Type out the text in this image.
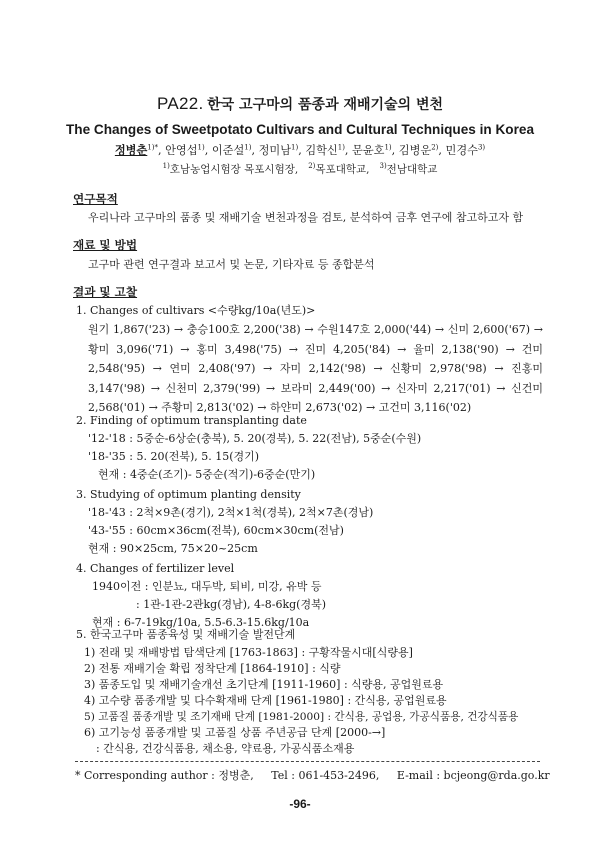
PA22. 한국 고구마의 품종과 재배기술의 변천
The Changes of Sweetpotato Cultivars and Cultural Techniques in Korea
정병춘$^{1)*}$, 안영섭$^{1)}$, 이준설$^{1)}$, 정미남$^{1)}$, 김학신$^{1)}$, 문윤호$^{1)}$, 김병운$^{2)}$, 민경수$^{3)}$
$^{1)}$호남농업시험장 목포시험장,   $^{2)}$목포대학교,   $^{3)}$전남대학교
연구목적
우리나라 고구마의 품종 및 재배기술 변천과정을 검토, 분석하여 금후 연구에 참고하고자 함
재료 및 방법
고구마 관련 연구결과 보고서 및 논문, 기타자료 등 종합분석
결과 및 고찰
1. Changes of cultivars <수량kg/10a(년도)>
원기 1,867('23) → 충승100호 2,200('38) → 수원147호 2,000('44) → 신미 2,600('67) → 황미 3,096('71) → 홍미 3,498('75) → 진미 4,205('84) → 율미 2,138('90) → 건미 2,548('95) → 연미 2,408('97) → 자미 2,142('98) → 신황미 2,978('98) → 진홍미 3,147('98) → 신천미 2,379('99) → 보라미 2,449('00) → 신자미 2,217('01) → 신건미 2,568('01) → 주황미 2,813('02) → 하얀미 2,673('02) → 고건미 3,116('02)
2. Finding of optimum transplanting date
'12-'18 : 5중순-6상순(충북), 5. 20(경북), 5. 22(전남), 5중순(수원)
'18-'35 : 5. 20(전북), 5. 15(경기)
현재 : 4중순(조기)- 5중순(적기)-6중순(만기)
3. Studying of optimum planting density
'18-'43 : 2척×9촌(경기), 2척×1척(경북), 2척×7촌(경남)
'43-'55 : 60cm×36cm(전북), 60cm×30cm(전남)
현재 : 90×25cm, 75×20~25cm
4. Changes of fertilizer level
1940이전 : 인분뇨, 대두박, 퇴비, 미강, 유박 등
: 1관-1관-2관kg(경남), 4-8-6kg(경북)
현재 : 6-7-19kg/10a, 5.5-6.3-15.6kg/10a
5. 한국고구마 품종육성 및 재배기술 발전단계
1) 전래 및 재배방법 탐색단계 [1763-1863] : 구황작물시대[식량용]
2) 전통 재배기술 확립 정착단계 [1864-1910] : 식량
3) 품종도입 및 재배기술개선 초기단계 [1911-1960] : 식량용, 공업원료용
4) 고수량 품종개발 및 다수확재배 단계 [1961-1980] : 간식용, 공업원료용
5) 고품질 품종개발 및 조기재배 단계 [1981-2000] : 간식용, 공업용, 가공식품용, 건강식품용
* Corresponding author : 정병춘, Tel : 061-453-2496, E-mail : bcjeong@rda.go.kr
-96-
6) 고기능성 품종개발 및 고품질 상품 주년공급 단계 [2000-→]
: 간식용, 건강식품용, 채소용, 약료용, 가공식품소재용
